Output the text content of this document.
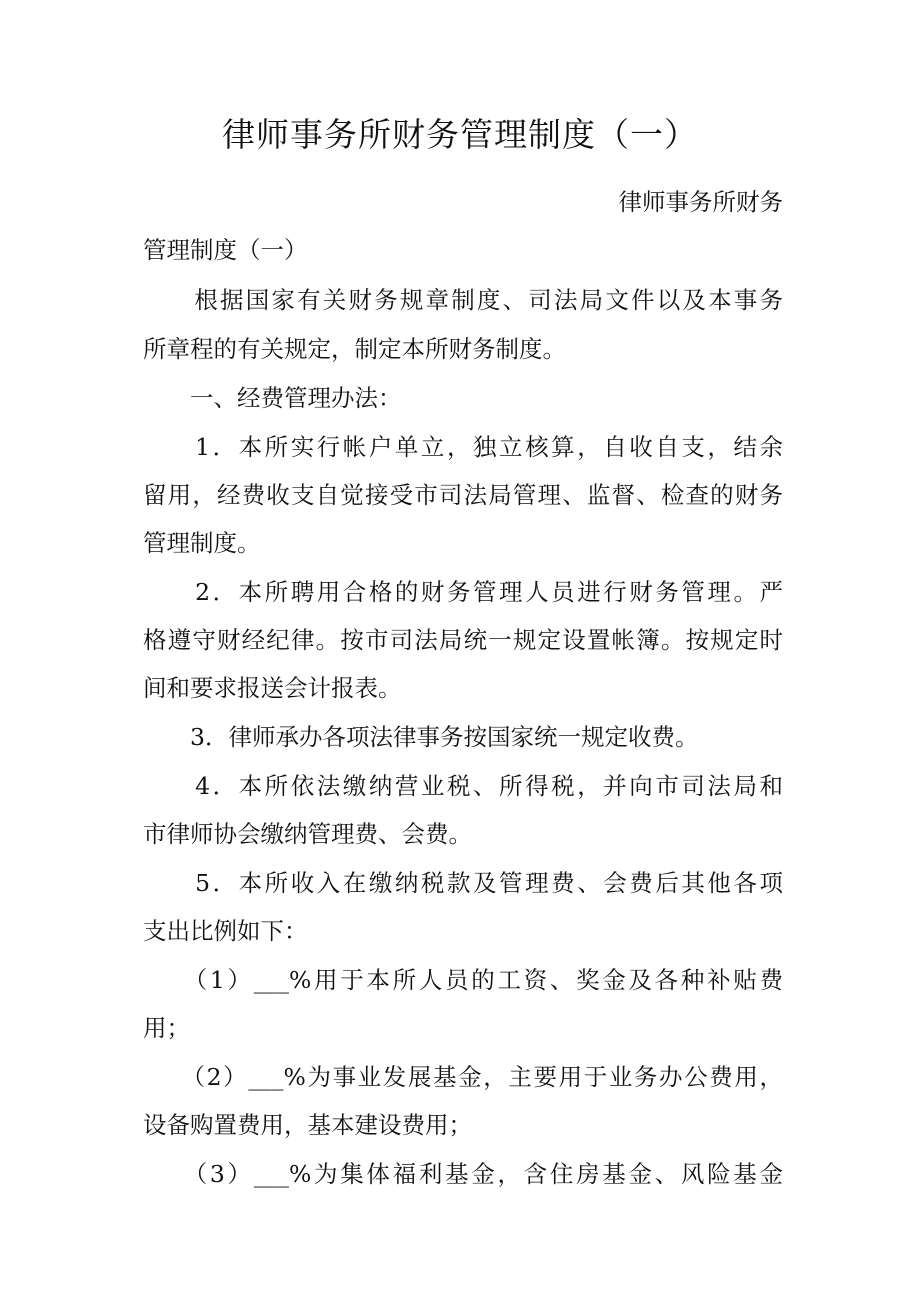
律师事务所财务管理制度（一）
律师事务所财务
管理制度（一）
　　根据国家有关财务规章制度、司法局文件以及本事务
所章程的有关规定，制定本所财务制度。
　　一、经费管理办法：
　　1．本所实行帐户单立，独立核算，自收自支，结余
留用，经费收支自觉接受市司法局管理、监督、检查的财务
管理制度。
　　2．本所聘用合格的财务管理人员进行财务管理。严
格遵守财经纪律。按市司法局统一规定设置帐簿。按规定时
间和要求报送会计报表。
　　3．律师承办各项法律事务按国家统一规定收费。
　　4．本所依法缴纳营业税、所得税，并向市司法局和
市律师协会缴纳管理费、会费。
　　5．本所收入在缴纳税款及管理费、会费后其他各项
支出比例如下：
　　（1）___%用于本所人员的工资、奖金及各种补贴费
用；
　　（2）___%为事业发展基金，主要用于业务办公费用，
设备购置费用，基本建设费用；
　　（3）___%为集体福利基金，含住房基金、风险基金
